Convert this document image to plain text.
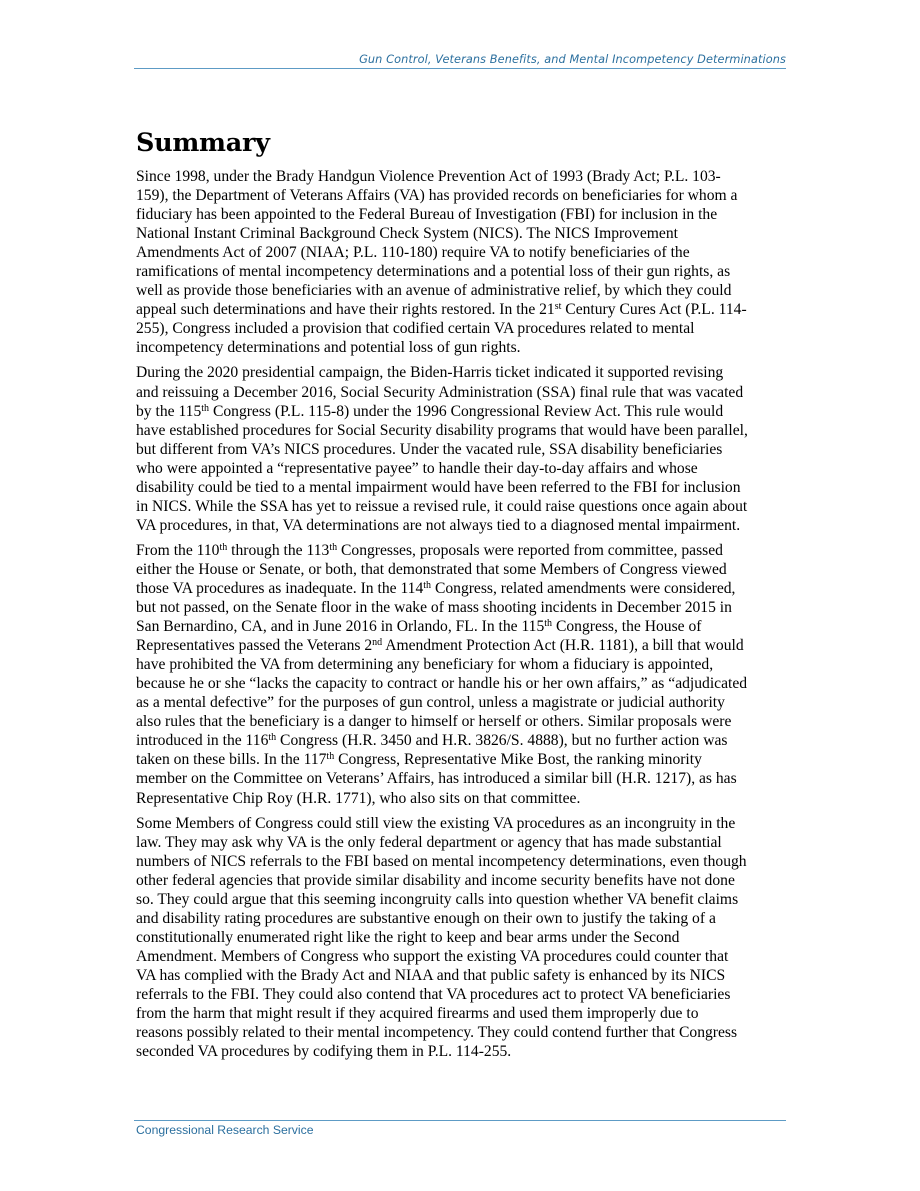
Gun Control, Veterans Benefits, and Mental Incompetency Determinations
Summary

Since 1998, under the Brady Handgun Violence Prevention Act of 1993 (Brady Act; P.L. 103-
159), the Department of Veterans Affairs (VA) has provided records on beneficiaries for whom a
fiduciary has been appointed to the Federal Bureau of Investigation (FBI) for inclusion in the
National Instant Criminal Background Check System (NICS). The NICS Improvement
Amendments Act of 2007 (NIAA; P.L. 110-180) require VA to notify beneficiaries of the
ramifications of mental incompetency determinations and a potential loss of their gun rights, as
well as provide those beneficiaries with an avenue of administrative relief, by which they could
appeal such determinations and have their rights restored. In the 21st Century Cures Act (P.L. 114-
255), Congress included a provision that codified certain VA procedures related to mental
incompetency determinations and potential loss of gun rights.

During the 2020 presidential campaign, the Biden-Harris ticket indicated it supported revising
and reissuing a December 2016, Social Security Administration (SSA) final rule that was vacated
by the 115th Congress (P.L. 115-8) under the 1996 Congressional Review Act. This rule would
have established procedures for Social Security disability programs that would have been parallel,
but different from VA’s NICS procedures. Under the vacated rule, SSA disability beneficiaries
who were appointed a “representative payee” to handle their day-to-day affairs and whose
disability could be tied to a mental impairment would have been referred to the FBI for inclusion
in NICS. While the SSA has yet to reissue a revised rule, it could raise questions once again about
VA procedures, in that, VA determinations are not always tied to a diagnosed mental impairment.

From the 110th through the 113th Congresses, proposals were reported from committee, passed
either the House or Senate, or both, that demonstrated that some Members of Congress viewed
those VA procedures as inadequate. In the 114th Congress, related amendments were considered,
but not passed, on the Senate floor in the wake of mass shooting incidents in December 2015 in
San Bernardino, CA, and in June 2016 in Orlando, FL. In the 115th Congress, the House of
Representatives passed the Veterans 2nd Amendment Protection Act (H.R. 1181), a bill that would
have prohibited the VA from determining any beneficiary for whom a fiduciary is appointed,
because he or she “lacks the capacity to contract or handle his or her own affairs,” as “adjudicated
as a mental defective” for the purposes of gun control, unless a magistrate or judicial authority
also rules that the beneficiary is a danger to himself or herself or others. Similar proposals were
introduced in the 116th Congress (H.R. 3450 and H.R. 3826/S. 4888), but no further action was
taken on these bills. In the 117th Congress, Representative Mike Bost, the ranking minority
member on the Committee on Veterans’ Affairs, has introduced a similar bill (H.R. 1217), as has
Representative Chip Roy (H.R. 1771), who also sits on that committee.

Some Members of Congress could still view the existing VA procedures as an incongruity in the
law. They may ask why VA is the only federal department or agency that has made substantial
numbers of NICS referrals to the FBI based on mental incompetency determinations, even though
other federal agencies that provide similar disability and income security benefits have not done
so. They could argue that this seeming incongruity calls into question whether VA benefit claims
and disability rating procedures are substantive enough on their own to justify the taking of a
constitutionally enumerated right like the right to keep and bear arms under the Second
Amendment. Members of Congress who support the existing VA procedures could counter that
VA has complied with the Brady Act and NIAA and that public safety is enhanced by its NICS
referrals to the FBI. They could also contend that VA procedures act to protect VA beneficiaries
from the harm that might result if they acquired firearms and used them improperly due to
reasons possibly related to their mental incompetency. They could contend further that Congress
seconded VA procedures by codifying them in P.L. 114-255.

Congressional Research Service
